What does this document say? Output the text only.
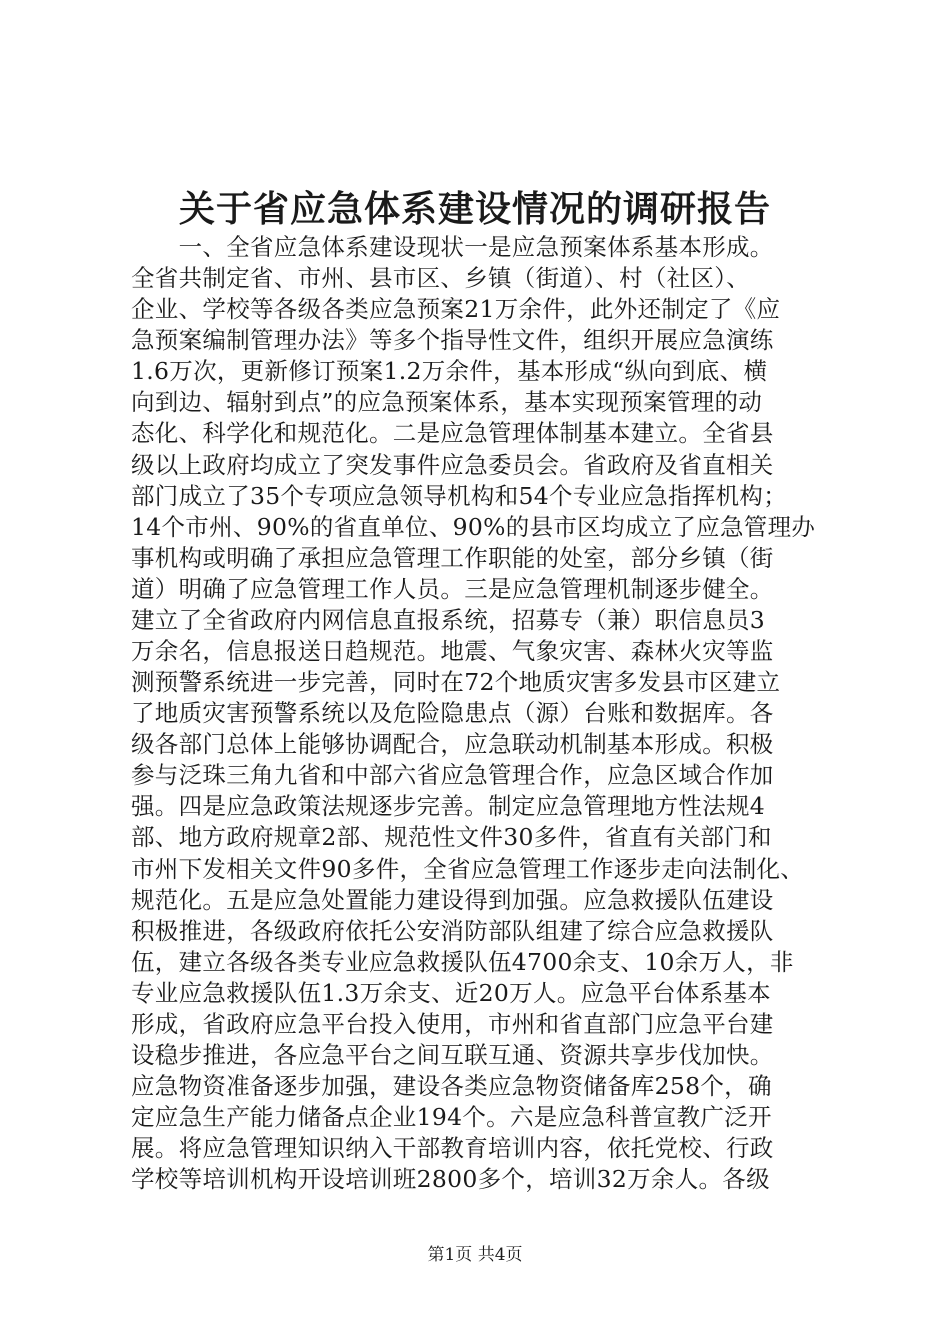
关于省应急体系建设情况的调研报告
　　一、全省应急体系建设现状一是应急预案体系基本形成。
全省共制定省、市州、县市区、乡镇（街道）、村（社区）、
企业、学校等各级各类应急预案21万余件，此外还制定了《应
急预案编制管理办法》等多个指导性文件，组织开展应急演练
1.6万次，更新修订预案1.2万余件，基本形成“纵向到底、横
向到边、辐射到点”的应急预案体系，基本实现预案管理的动
态化、科学化和规范化。二是应急管理体制基本建立。全省县
级以上政府均成立了突发事件应急委员会。省政府及省直相关
部门成立了35个专项应急领导机构和54个专业应急指挥机构；
14个市州、90%的省直单位、90%的县市区均成立了应急管理办
事机构或明确了承担应急管理工作职能的处室，部分乡镇（街
道）明确了应急管理工作人员。三是应急管理机制逐步健全。
建立了全省政府内网信息直报系统，招募专（兼）职信息员3
万余名，信息报送日趋规范。地震、气象灾害、森林火灾等监
测预警系统进一步完善，同时在72个地质灾害多发县市区建立
了地质灾害预警系统以及危险隐患点（源）台账和数据库。各
级各部门总体上能够协调配合，应急联动机制基本形成。积极
参与泛珠三角九省和中部六省应急管理合作，应急区域合作加
强。四是应急政策法规逐步完善。制定应急管理地方性法规4
部、地方政府规章2部、规范性文件30多件，省直有关部门和
市州下发相关文件90多件，全省应急管理工作逐步走向法制化、
规范化。五是应急处置能力建设得到加强。应急救援队伍建设
积极推进，各级政府依托公安消防部队组建了综合应急救援队
伍，建立各级各类专业应急救援队伍4700余支、10余万人，非
专业应急救援队伍1.3万余支、近20万人。应急平台体系基本
形成，省政府应急平台投入使用，市州和省直部门应急平台建
设稳步推进，各应急平台之间互联互通、资源共享步伐加快。
应急物资准备逐步加强，建设各类应急物资储备库258个，确
定应急生产能力储备点企业194个。六是应急科普宣教广泛开
展。将应急管理知识纳入干部教育培训内容，依托党校、行政
学校等培训机构开设培训班2800多个，培训32万余人。各级
第1页 共4页
